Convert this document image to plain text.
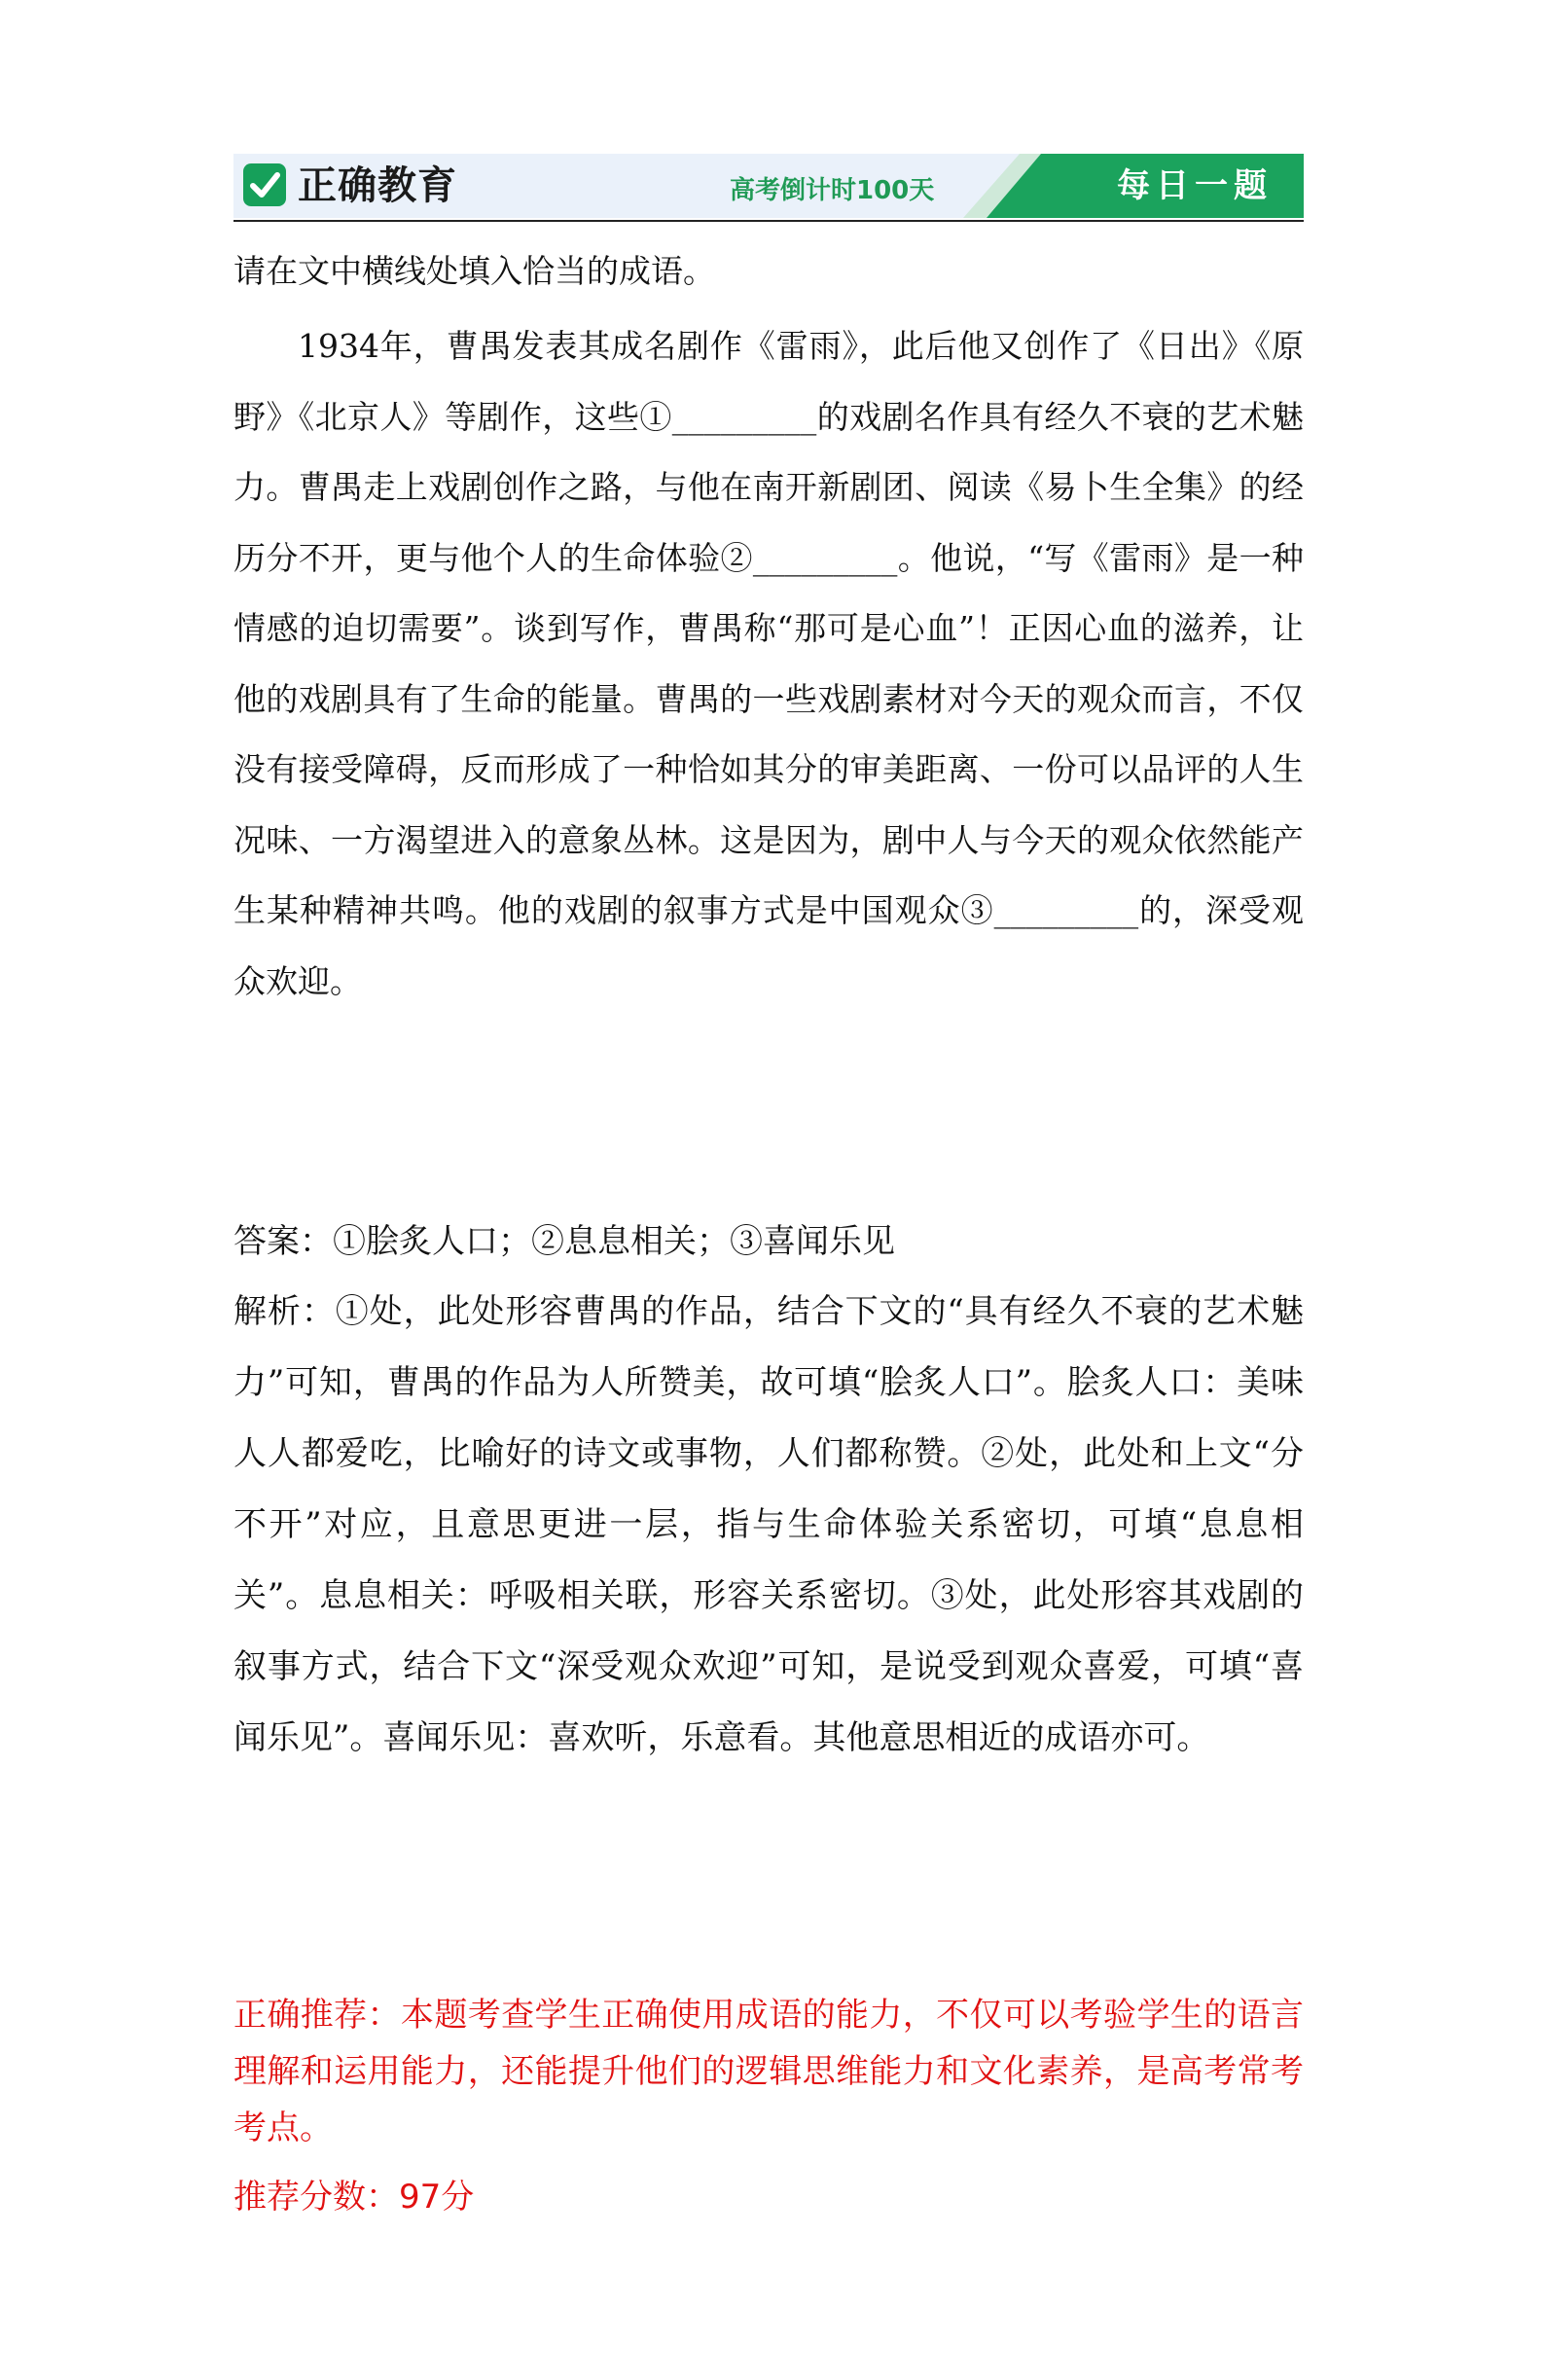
正确教育	高考倒计时100天	每日一题

请在文中横线处填入恰当的成语。

1934年，曹禺发表其成名剧作《雷雨》，此后他又创作了《日出》《原野》《北京人》等剧作，这些①_________的戏剧名作具有经久不衰的艺术魅力。曹禺走上戏剧创作之路，与他在南开新剧团、阅读《易卜生全集》的经历分不开，更与他个人的生命体验②_________。他说，“写《雷雨》是一种情感的迫切需要”。谈到写作，曹禺称“那可是心血”！正因心血的滋养，让他的戏剧具有了生命的能量。曹禺的一些戏剧素材对今天的观众而言，不仅没有接受障碍，反而形成了一种恰如其分的审美距离、一份可以品评的人生况味、一方渴望进入的意象丛林。这是因为，剧中人与今天的观众依然能产生某种精神共鸣。他的戏剧的叙事方式是中国观众③_________的，深受观众欢迎。

答案：①脍炙人口；②息息相关；③喜闻乐见

解析：①处，此处形容曹禺的作品，结合下文的“具有经久不衰的艺术魅力”可知，曹禺的作品为人所赞美，故可填“脍炙人口”。脍炙人口：美味人人都爱吃，比喻好的诗文或事物，人们都称赞。②处，此处和上文“分不开”对应，且意思更进一层，指与生命体验关系密切，可填“息息相关”。息息相关：呼吸相关联，形容关系密切。③处，此处形容其戏剧的叙事方式，结合下文“深受观众欢迎”可知，是说受到观众喜爱，可填“喜闻乐见”。喜闻乐见：喜欢听，乐意看。其他意思相近的成语亦可。

正确推荐：本题考查学生正确使用成语的能力，不仅可以考验学生的语言理解和运用能力，还能提升他们的逻辑思维能力和文化素养，是高考常考考点。

推荐分数：97分
